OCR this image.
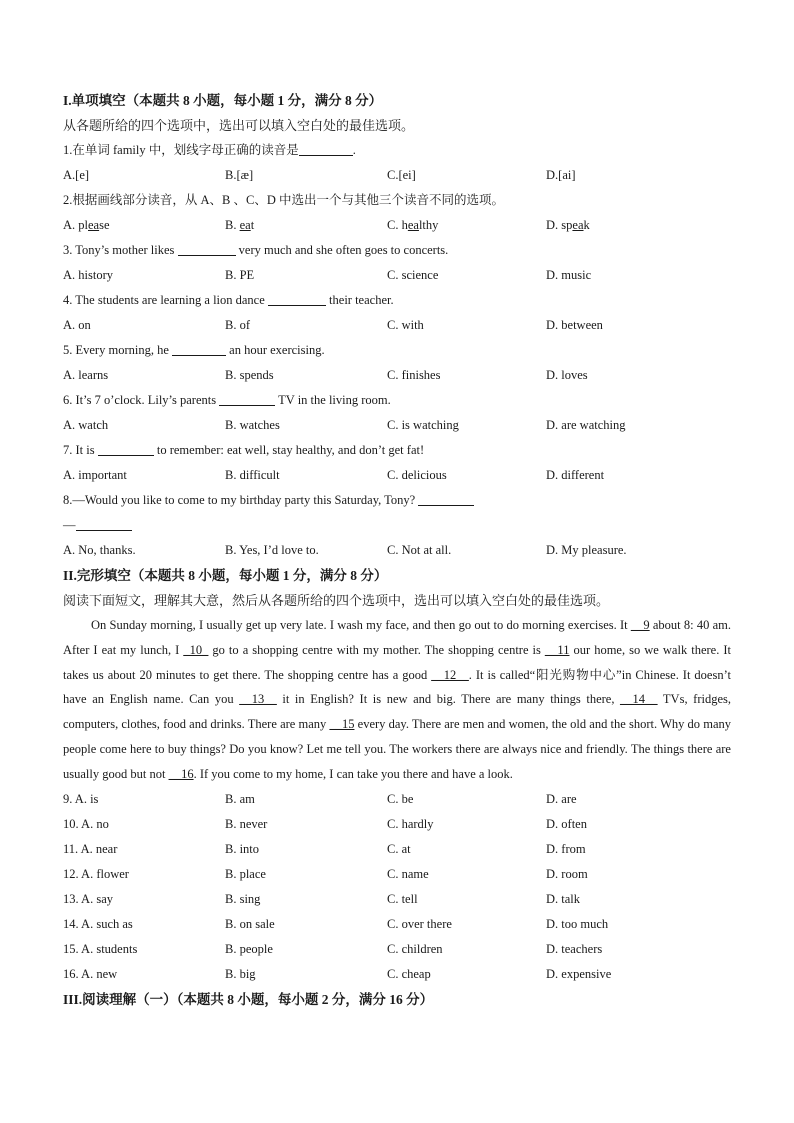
I.单项填空（本题共 8 小题，每小题 1 分，满分 8 分）
从各题所给的四个选项中，选出可以填入空白处的最佳选项。
1.在单词 family 中，划线字母正确的读音是	.
A.[e]	B.[æ]	C.[ei]	D.[ai]
2.根据画线部分读音，从 A、B 、C、D 中选出一个与其他三个读音不同的选项。
A. please	B. eat	C. healthy	D. speak
3. Tony’s mother likes	very much and she often goes to concerts.
A. history	B. PE	C. science	D. music
4. The students are learning a lion dance	their teacher.
A. on	B. of	C. with	D. between
5. Every morning, he	an hour exercising.
A. learns	B. spends	C. finishes	D. loves
6. It’s 7 o’clock. Lily’s parents	TV in the living room.
A. watch	B. watches	C. is watching	D. are watching
7. It is	to remember: eat well, stay healthy, and don’t get fat!
A. important	B. difficult	C. delicious	D. different
8.—Would you like to come to my birthday party this Saturday, Tony?
—
A. No, thanks.	B. Yes, I’d love to.	C. Not at all.	D. My pleasure.
II.完形填空（本题共 8 小题，每小题 1 分，满分 8 分）
阅读下面短文，理解其大意，然后从各题所给的四个选项中，选出可以填入空白处的最佳选项。

On Sunday morning, I usually get up very late. I wash my face, and then go out to do morning exercises. It __9 about 8: 40 am. After I eat my lunch, I _10_ go to a shopping centre with my mother. The shopping centre is __11 our home, so we walk there. It takes us about 20 minutes to get there. The shopping centre has a good __12__. It is called“阳光购物中心”in Chinese. It doesn’t have an English name. Can you __13__ it in English? It is new and big. There are many things there, __14__ TVs, fridges, computers, clothes, food and drinks. There are many __15 every day. There are men and women, the old and the short. Why do many people come here to buy things? Do you know? Let me tell you. The workers there are always nice and friendly. The things there are usually good but not __16. If you come to my home, I can take you there and have a look.

9. A. is	B. am	C. be	D. are
10. A. no	B. never	C. hardly	D. often
11. A. near	B. into	C. at	D. from
12. A. flower	B. place	C. name	D. room
13. A. say	B. sing	C. tell	D. talk
14. A. such as	B. on sale	C. over there	D. too much
15. A. students	B. people	C. children	D. teachers
16. A. new	B. big	C. cheap	D. expensive
III.阅读理解（一）（本题共 8 小题，每小题 2 分，满分 16 分）
